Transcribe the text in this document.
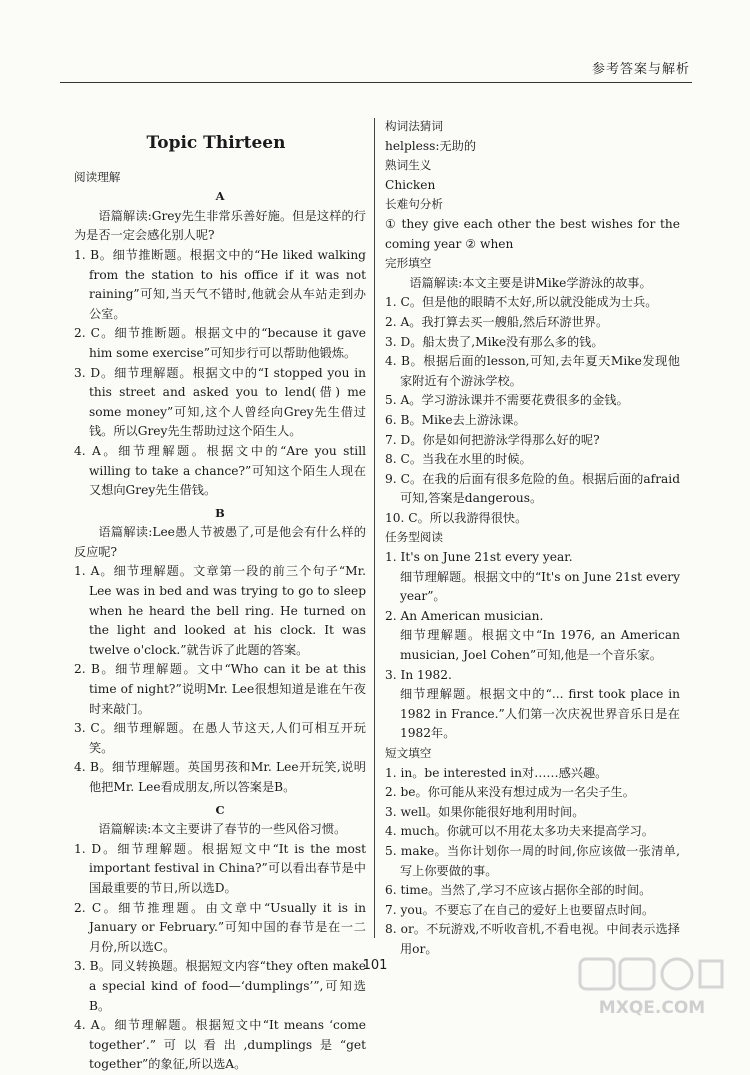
参考答案与解析
Topic Thirteen

阅读理解

A

语篇解读:Grey先生非常乐善好施。但是这样的行为是否一定会感化别人呢?

1. B。细节推断题。根据文中的“He liked walking from the station to his office if it was not raining”可知,当天气不错时,他就会从车站走到办公室。

2. C。细节推断题。根据文中的“because it gave him some exercise”可知步行可以帮助他锻炼。

3. D。细节理解题。根据文中的“I stopped you in this street and asked you to lend(借) me some money”可知,这个人曾经向Grey先生借过钱。所以Grey先生帮助过这个陌生人。

4. A。细节理解题。根据文中的“Are you still willing to take a chance?”可知这个陌生人现在又想向Grey先生借钱。

B

语篇解读:Lee愚人节被愚了,可是他会有什么样的反应呢?

1. A。细节理解题。文章第一段的前三个句子“Mr. Lee was in bed and was trying to go to sleep when he heard the bell ring. He turned on the light and looked at his clock. It was twelve o'clock.”就告诉了此题的答案。

2. B。细节理解题。文中“Who can it be at this time of night?”说明Mr. Lee很想知道是谁在午夜时来敲门。

3. C。细节理解题。在愚人节这天,人们可相互开玩笑。

4. B。细节理解题。英国男孩和Mr. Lee开玩笑,说明他把Mr. Lee看成朋友,所以答案是B。

C

语篇解读:本文主要讲了春节的一些风俗习惯。

1. D。细节理解题。根据短文中“It is the most important festival in China?”可以看出春节是中国最重要的节日,所以选D。

2. C。细节推理题。由文章中“Usually it is in January or February.”可知中国的春节是在一二月份,所以选C。

3. B。同义转换题。根据短文内容“they often make a special kind of food—‘dumplings’”,可知选B。

4. A。细节理解题。根据短文中“It means ‘come together’.”可以看出,dumplings是“get together”的象征,所以选A。

构词法猜词

helpless:无助的

熟词生义

Chicken

长难句分析

① they give each other the best wishes for the coming year ② when

完形填空

语篇解读:本文主要是讲Mike学游泳的故事。

1. C。但是他的眼睛不太好,所以就没能成为士兵。

2. A。我打算去买一艘船,然后环游世界。

3. D。船太贵了,Mike没有那么多的钱。

4. B。根据后面的lesson,可知,去年夏天Mike发现他家附近有个游泳学校。

5. A。学习游泳课并不需要花费很多的金钱。

6. B。Mike去上游泳课。

7. D。你是如何把游泳学得那么好的呢?

8. C。当我在水里的时候。

9. C。在我的后面有很多危险的鱼。根据后面的afraid可知,答案是dangerous。

10. C。所以我游得很快。

任务型阅读

1. It's on June 21st every year.

细节理解题。根据文中的“It's on June 21st every year”。

2. An American musician.

细节理解题。根据文中“In 1976, an American musician, Joel Cohen”可知,他是一个音乐家。

3. In 1982.

细节理解题。根据文中的“... first took place in 1982 in France.”人们第一次庆祝世界音乐日是在1982年。

短文填空

1. in。be interested in对……感兴趣。

2. be。你可能从来没有想过成为一名尖子生。

3. well。如果你能很好地利用时间。

4. much。你就可以不用花太多功夫来提高学习。

5. make。当你计划你一周的时间,你应该做一张清单,写上你要做的事。

6. time。当然了,学习不应该占据你全部的时间。

7. you。不要忘了在自己的爱好上也要留点时间。

8. or。不玩游戏,不听收音机,不看电视。中间表示选择用or。

101
MXQE.COM
